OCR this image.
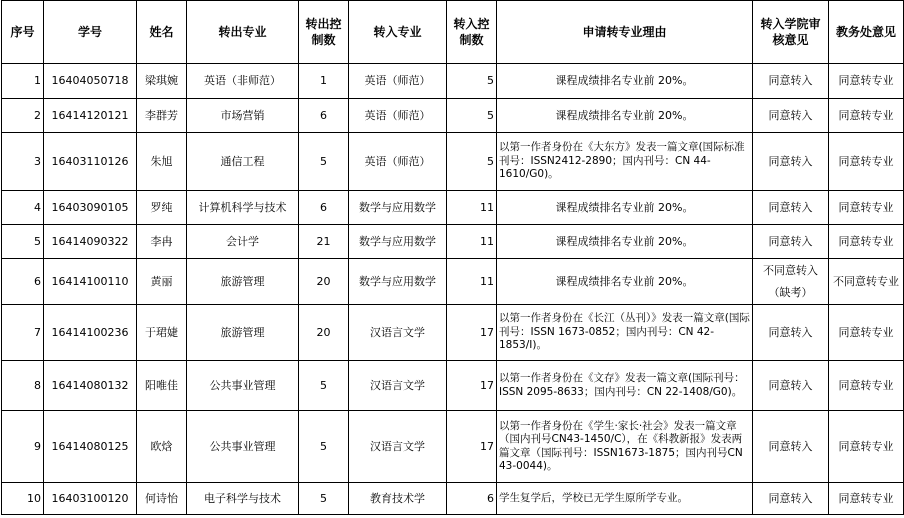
序号	学号	姓名	转出专业	转出控制数	转入专业	转入控制数	申请转专业理由	转入学院审核意见	教务处意见
1	16404050718	梁琪婉	英语（非师范）	1	英语（师范）	5	课程成绩排名专业前 20%。	同意转入	同意转专业
2	16414120121	李群芳	市场营销	6	英语（师范）	5	课程成绩排名专业前 20%。	同意转入	同意转专业
3	16403110126	朱旭	通信工程	5	英语（师范）	5	以第一作者身份在《大东方》发表一篇文章(国际标准刊号：ISSN2412-2890；国内刊号：CN 44-1610/G0)。	同意转入	同意转专业
4	16403090105	罗纯	计算机科学与技术	6	数学与应用数学	11	课程成绩排名专业前 20%。	同意转入	同意转专业
5	16414090322	李冉	会计学	21	数学与应用数学	11	课程成绩排名专业前 20%。	同意转入	同意转专业
6	16414100110	黄丽	旅游管理	20	数学与应用数学	11	课程成绩排名专业前 20%。	不同意转入（缺考）	不同意转专业
7	16414100236	于珺婕	旅游管理	20	汉语言文学	17	以第一作者身份在《长江（丛刊）》发表一篇文章(国际刊号：ISSN 1673-0852；国内刊号：CN 42-1853/I)。	同意转入	同意转专业
8	16414080132	阳唯佳	公共事业管理	5	汉语言文学	17	以第一作者身份在《文存》发表一篇文章(国际刊号：ISSN 2095-8633；国内刊号：CN 22-1408/G0)。	同意转入	同意转专业
9	16414080125	欧焓	公共事业管理	5	汉语言文学	17	以第一作者身份在《学生·家长·社会》发表一篇文章（国内刊号CN43-1450/C），在《科教新报》发表两篇文章（国际刊号：ISSN1673-1875；国内刊号CN 43-0044)。	同意转入	同意转专业
10	16403100120	何诗怡	电子科学与技术	5	教育技术学	6	学生复学后，学校已无学生原所学专业。	同意转入	同意转专业
